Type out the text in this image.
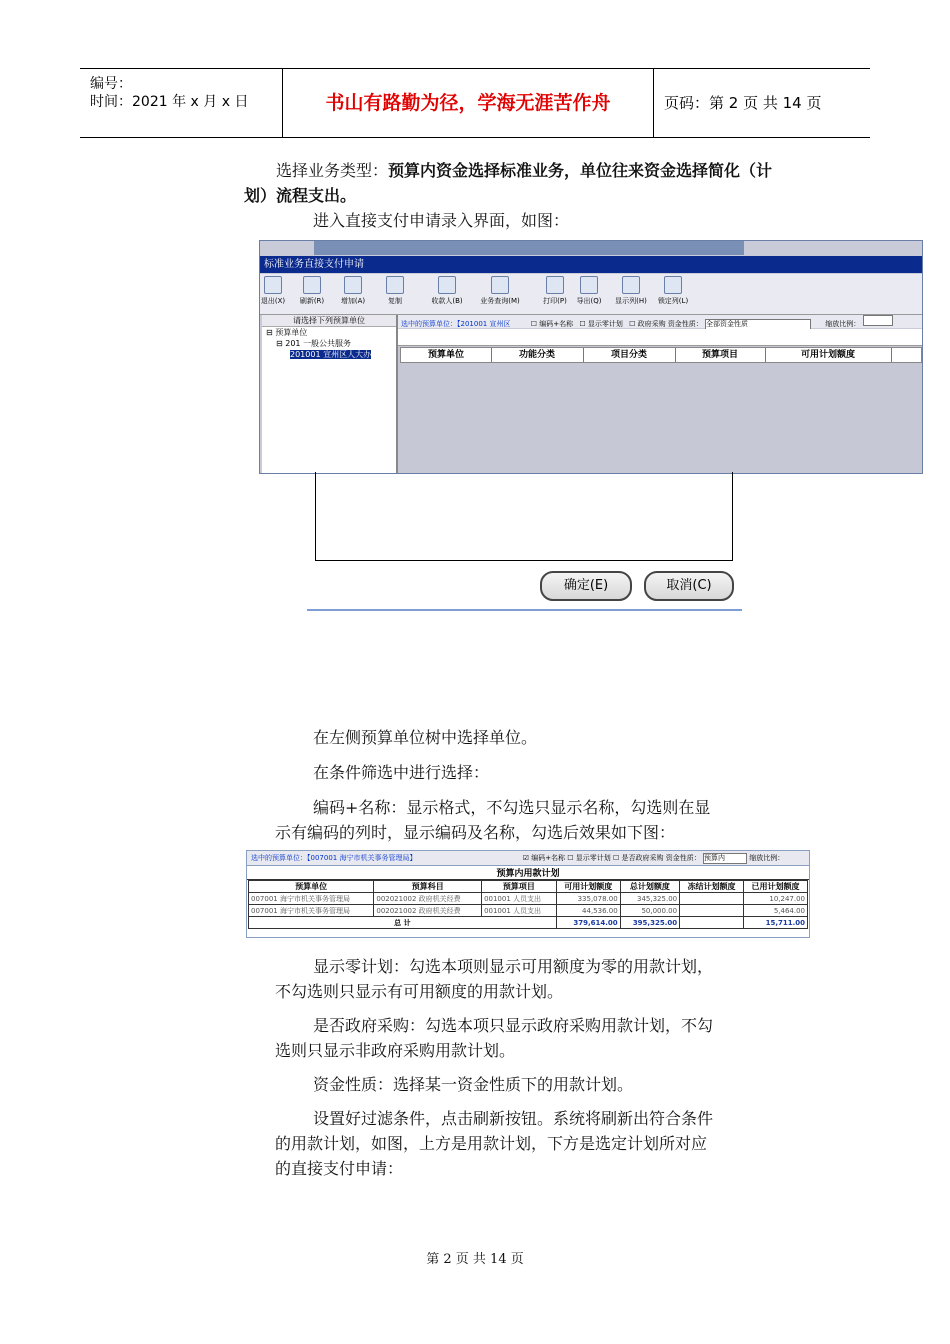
编号：
时间：2021 年 x 月 x 日	书山有路勤为径，学海无涯苦作舟	页码：第 2 页 共 14 页
选择业务类型：预算内资金选择标准业务，单位往来资金选择简化（计
划）流程支出。
进入直接支付申请录入界面，如图：
标准业务直接支付申请
退出(X)	刷新(R)	增加(A)	复制	收款人(B)	业务查询(M)	打印(P)	导出(Q)	显示列(H) 锁定列(L)
请选择下列预算单位
⊟ 预算单位
⊟ 201 一般公共服务
201001 宣州区人大办
选中的预算单位：【201001 宣州区	☐ 编码+名称 ☐ 显示零计划 ☐ 政府采购 资金性质： 全部资金性质	缩放比例：
预算单位	功能分类	项目分类	预算项目	可用计划额度
确定(E)	取消(C)
在左侧预算单位树中选择单位。
在条件筛选中进行选择：
编码+名称：显示格式，不勾选只显示名称，勾选则在显
示有编码的列时，显示编码及名称，勾选后效果如下图：
选中的预算单位：【007001 海宁市机关事务管理局】	☑ 编码+名称 ☐ 显示零计划 ☐ 是否政府采购 资金性质： 预算内	缩放比例：
预算内用款计划
预算单位	预算科目	预算项目	可用计划额度	总计划额度	冻结计划额度	已用计划额度
007001 海宁市机关事务管理局	002021002 政府机关经费	001001 人员支出	335,078.00	345,325.00		10,247.00
007001 海宁市机关事务管理局	002021002 政府机关经费	001001 人员支出	44,536.00	50,000.00		5,464.00
总 计			379,614.00	395,325.00		15,711.00
显示零计划：勾选本项则显示可用额度为零的用款计划，
不勾选则只显示有可用额度的用款计划。
是否政府采购：勾选本项只显示政府采购用款计划，不勾
选则只显示非政府采购用款计划。
资金性质：选择某一资金性质下的用款计划。
设置好过滤条件，点击刷新按钮。系统将刷新出符合条件
的用款计划，如图，上方是用款计划，下方是选定计划所对应
的直接支付申请：
第 2 页 共 14 页
